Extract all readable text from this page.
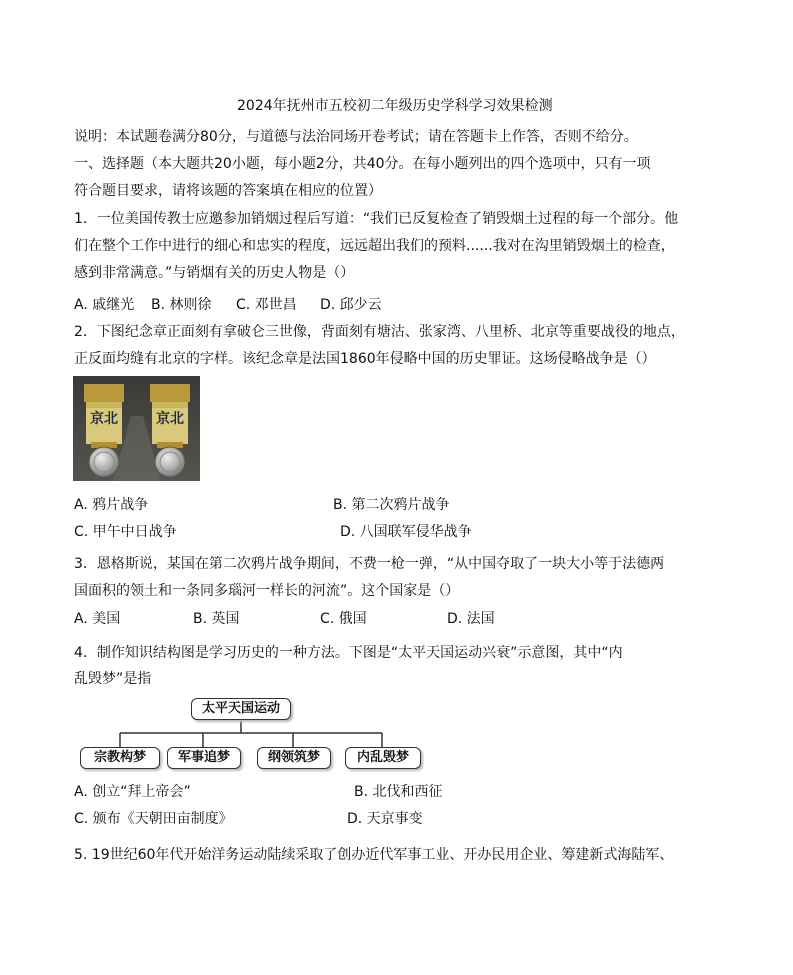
2024年抚州市五校初二年级历史学科学习效果检测
说明：本试题卷满分80分，与道德与法治同场开卷考试；请在答题卡上作答，否则不给分。
一、选择题（本大题共20小题，每小题2分，共40分。在每小题列出的四个选项中，只有一项
符合题目要求，请将该题的答案填在相应的位置）
1．一位美国传教士应邀参加销烟过程后写道：“我们已反复检查了销毁烟土过程的每一个部分。他
们在整个工作中进行的细心和忠实的程度，远远超出我们的预料......我对在沟里销毁烟土的检查，
感到非常满意。”与销烟有关的历史人物是（）
A. 戚继光 B. 林则徐 C. 邓世昌 D. 邱少云
2．下图纪念章正面刻有拿破仑三世像，背面刻有塘沽、张家湾、八里桥、北京等重要战役的地点，
正反面均缝有北京的字样。该纪念章是法国1860年侵略中国的历史罪证。这场侵略战争是（）
京北	京北
A. 鸦片战争	B. 第二次鸦片战争
C. 甲午中日战争	D. 八国联军侵华战争
3．恩格斯说，某国在第二次鸦片战争期间，不费一枪一弹，“从中国夺取了一块大小等于法德两
国面积的领土和一条同多瑙河一样长的河流”。这个国家是（）
A. 美国	B. 英国	C. 俄国	D. 法国
4．制作知识结构图是学习历史的一种方法。下图是“太平天国运动兴衰”示意图，其中“内
乱毁梦”是指
太平天国运动
宗教构梦	军事追梦	纲领筑梦	内乱毁梦
A. 创立“拜上帝会”	B. 北伐和西征
C. 颁布《天朝田亩制度》	D. 天京事变
5. 19世纪60年代开始洋务运动陆续采取了创办近代军事工业、开办民用企业、筹建新式海陆军、
